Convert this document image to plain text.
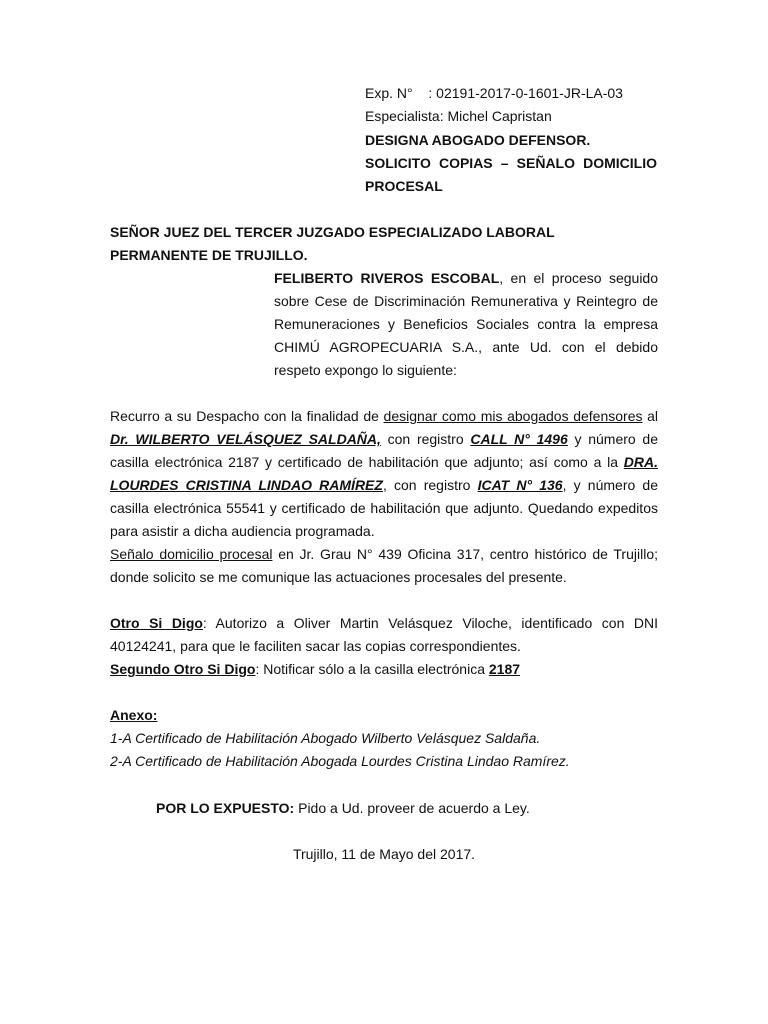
Exp. N° : 02191-2017-0-1601-JR-LA-03
Especialista: Michel Capristan
DESIGNA ABOGADO DEFENSOR.
SOLICITO COPIAS – SEÑALO DOMICILIO
PROCESAL
SEÑOR JUEZ DEL TERCER JUZGADO ESPECIALIZADO LABORAL
PERMANENTE DE TRUJILLO.
FELIBERTO RIVEROS ESCOBAL, en el proceso seguido
sobre Cese de Discriminación Remunerativa y Reintegro de
Remuneraciones y Beneficios Sociales contra la empresa
CHIMÚ AGROPECUARIA S.A., ante Ud. con el debido
respeto expongo lo siguiente:
Recurro a su Despacho con la finalidad de designar como mis abogados defensores al
Dr. WILBERTO VELÁSQUEZ SALDAÑA, con registro CALL N° 1496 y número de
casilla electrónica 2187 y certificado de habilitación que adjunto; así como a la DRA.
LOURDES CRISTINA LINDAO RAMÍREZ, con registro ICAT N° 136, y número de
casilla electrónica 55541 y certificado de habilitación que adjunto. Quedando expeditos
para asistir a dicha audiencia programada.
Señalo domicilio procesal en Jr. Grau N° 439 Oficina 317, centro histórico de Trujillo;
donde solicito se me comunique las actuaciones procesales del presente.
Otro Si Digo: Autorizo a Oliver Martin Velásquez Viloche, identificado con DNI
40124241, para que le faciliten sacar las copias correspondientes.
Segundo Otro Si Digo: Notificar sólo a la casilla electrónica 2187
Anexo:
1-A Certificado de Habilitación Abogado Wilberto Velásquez Saldaña.
2-A Certificado de Habilitación Abogada Lourdes Cristina Lindao Ramírez.
POR LO EXPUESTO: Pido a Ud. proveer de acuerdo a Ley.
Trujillo, 11 de Mayo del 2017.
